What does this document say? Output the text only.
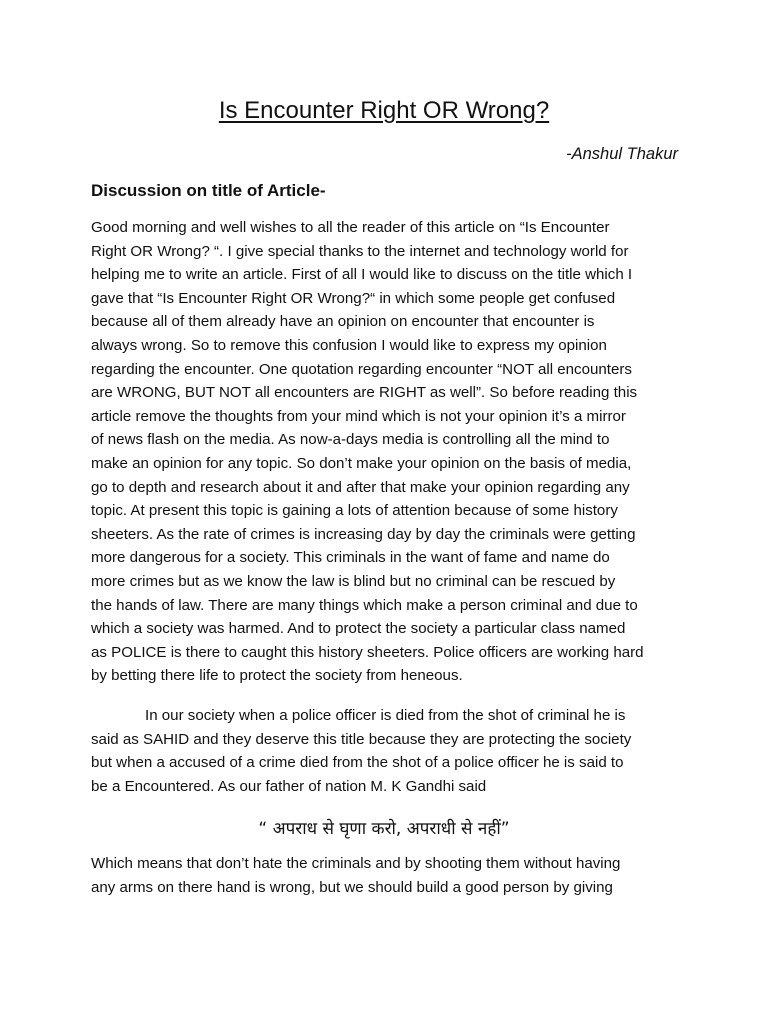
Is Encounter Right OR Wrong?

-Anshul Thakur

Discussion on title of Article-
Good morning and well wishes to all the reader of this article on “Is Encounter
Right OR Wrong? “. I give special thanks to the internet and technology world for
helping me to write an article. First of all I would like to discuss on the title which I
gave that “Is Encounter Right OR Wrong?“ in which some people get confused
because all of them already have an opinion on encounter that encounter is
always wrong. So to remove this confusion I would like to express my opinion
regarding the encounter. One quotation regarding encounter “NOT all encounters
are WRONG, BUT NOT all encounters are RIGHT as well”. So before reading this
article remove the thoughts from your mind which is not your opinion it’s a mirror
of news flash on the media. As now-a-days media is controlling all the mind to
make an opinion for any topic. So don’t make your opinion on the basis of media,
go to depth and research about it and after that make your opinion regarding any
topic. At present this topic is gaining a lots of attention because of some history
sheeters. As the rate of crimes is increasing day by day the criminals were getting
more dangerous for a society. This criminals in the want of fame and name do
more crimes but as we know the law is blind but no criminal can be rescued by
the hands of law. There are many things which make a person criminal and due to
which a society was harmed. And to protect the society a particular class named
as POLICE is there to caught this history sheeters. Police officers are working hard
by betting there life to protect the society from heneous.
In our society when a police officer is died from the shot of criminal he is
said as SAHID and they deserve this title because they are protecting the society
but when a accused of a crime died from the shot of a police officer he is said to
be a Encountered. As our father of nation M. K Gandhi said

“ अपराध से घृणा करो, अपराधी से नहीं”

Which means that don’t hate the criminals and by shooting them without having
any arms on there hand is wrong, but we should build a good person by giving
